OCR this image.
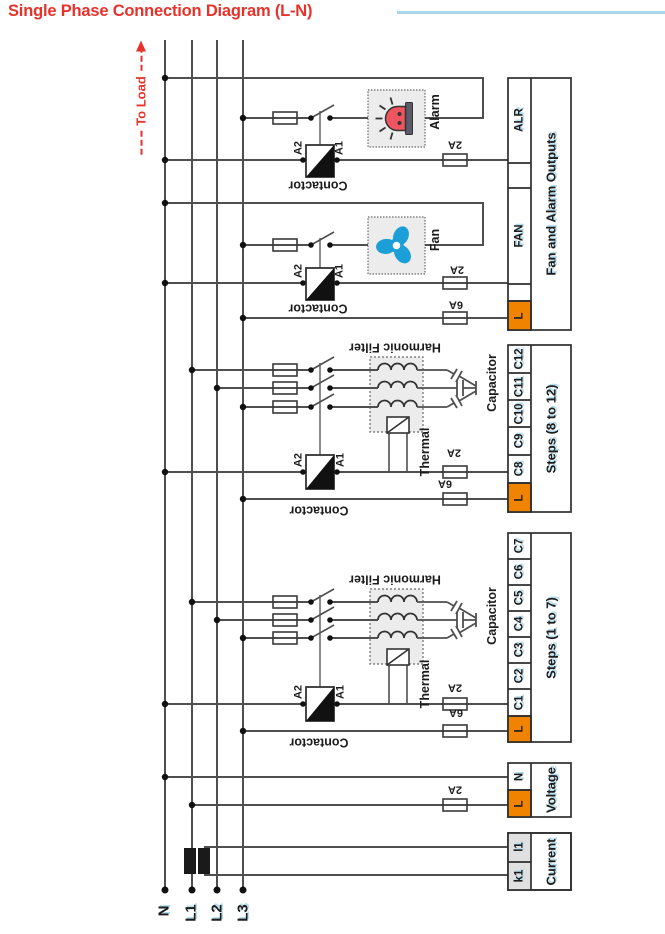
Single Phase Connection Diagram (L-N)
To Load
N L1 L2 L3
A2	A1
Alarm
Contactor
2A
A2	A1
Fan
Contactor
2A
6A
Harmonic Filter
Thermal
Capacitor
A2	A1
2A
6A
Contactor
Harmonic Filter
Thermal
Capacitor
A2	A1	2A
6A
Contactor
2A
ALR
FAN
L
Fan and Alarm Outputs
C12
C11
C10
C9
C8
L
Steps (8 to 12)
C7
C6
C5
C4
C3
C2
C1
L
Steps (1 to 7)
N
L Voltage
l1
k1 Current
